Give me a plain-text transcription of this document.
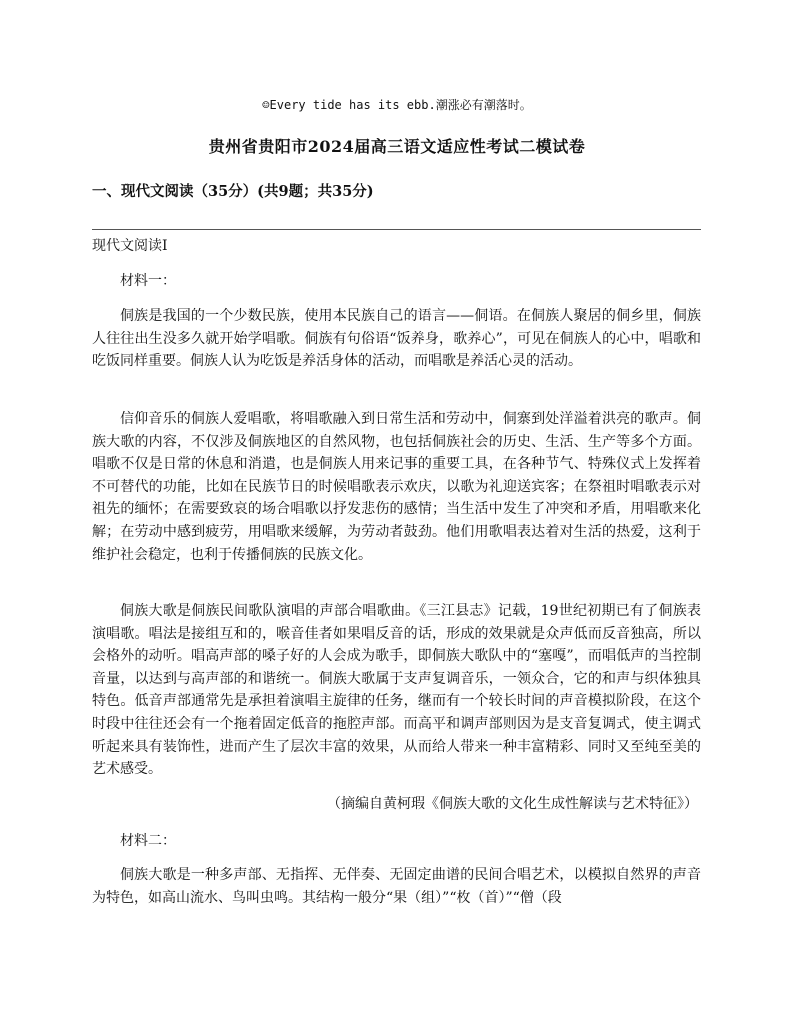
☺Every tide has its ebb.潮涨必有潮落时。
贵州省贵阳市2024届高三语文适应性考试二模试卷
一、现代文阅读（35分）(共9题；共35分)
现代文阅读I
材料一：

侗族是我国的一个少数民族，使用本民族自己的语言——侗语。在侗族人聚居的侗乡里，侗族人往往出生没多久就开始学唱歌。侗族有句俗语“饭养身，歌养心”，可见在侗族人的心中，唱歌和吃饭同样重要。侗族人认为吃饭是养活身体的活动，而唱歌是养活心灵的活动。

信仰音乐的侗族人爱唱歌，将唱歌融入到日常生活和劳动中，侗寨到处洋溢着洪亮的歌声。侗族大歌的内容，不仅涉及侗族地区的自然风物，也包括侗族社会的历史、生活、生产等多个方面。唱歌不仅是日常的休息和消遣，也是侗族人用来记事的重要工具，在各种节气、特殊仪式上发挥着不可替代的功能，比如在民族节日的时候唱歌表示欢庆，以歌为礼迎送宾客；在祭祖时唱歌表示对祖先的缅怀；在需要致哀的场合唱歌以抒发悲伤的感情；当生活中发生了冲突和矛盾，用唱歌来化解；在劳动中感到疲劳，用唱歌来缓解，为劳动者鼓劲。他们用歌唱表达着对生活的热爱，这利于维护社会稳定，也利于传播侗族的民族文化。

侗族大歌是侗族民间歌队演唱的声部合唱歌曲。《三江县志》记载，19世纪初期已有了侗族表演唱歌。唱法是接组互和的，喉音佳者如果唱反音的话，形成的效果就是众声低而反音独高，所以会格外的动听。唱高声部的嗓子好的人会成为歌手，即侗族大歌队中的“塞嘎”，而唱低声的当控制音量，以达到与高声部的和谐统一。侗族大歌属于支声复调音乐，一领众合，它的和声与织体独具特色。低音声部通常先是承担着演唱主旋律的任务，继而有一个较长时间的声音模拟阶段，在这个时段中往往还会有一个拖着固定低音的拖腔声部。而高平和调声部则因为是支音复调式，使主调式听起来具有装饰性，进而产生了层次丰富的效果，从而给人带来一种丰富精彩、同时又至纯至美的艺术感受。

（摘编自黄柯瑕《侗族大歌的文化生成性解读与艺术特征》）
材料二：

侗族大歌是一种多声部、无指挥、无伴奏、无固定曲谱的民间合唱艺术，以模拟自然界的声音为特色，如高山流水、鸟叫虫鸣。其结构一般分“果（组）”“枚（首）”“僧（段
